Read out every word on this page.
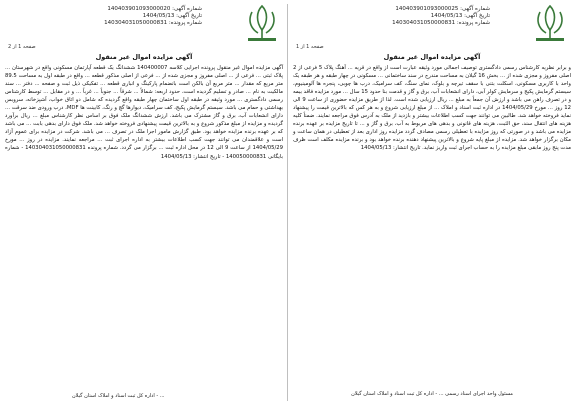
شماره آگهی: 140403901093000025
تاریخ آگهی: 1404/05/13
شماره پرونده: 140304031050000831
صفحه 1 از 1
آگهی مزایده اموال غیر منقول

و برابر نظریه کارشناس رسمی دادگستری توصیف اجمالی مورد وثیقه عبارت است از واقع در قریه ... آهنگ پلاک 5 فرعی از 2 اصلی مفروز و مجزی شده از ... بخش 16 گیلان به مساحت مندرج در سند ساختمانی ... مسکونی در چهار طبقه و هر طبقه یک واحد با کاربری مسکونی، اسکلت بتنی با سقف تیرچه و بلوک، نمای سنگ، کف سرامیک، درب ها چوبی، پنجره ها آلومینیوم، سیستم گرمایش پکیج و سرمایش کولر آبی، دارای انشعابات آب، برق و گاز و قدمت بنا حدود 15 سال ... مورد مزایده فاقد بیمه و در تصرف راهن می باشد و ارزش آن جمعاً به مبلغ ... ریال ارزیابی شده است. لذا از طریق مزایده حضوری از ساعت 9 الی 12 روز ... مورخ 1404/05/29 در اداره ثبت اسناد و املاک ... از مبلغ ارزیابی شروع و به هر کس که بالاترین قیمت را پیشنهاد نماید فروخته خواهد شد. طالبین می توانند جهت کسب اطلاعات بیشتر و بازدید از ملک به آدرس فوق مراجعه نمایند. ضمناً کلیه هزینه های انتقال سند، حق الثبت، هزینه های قانونی و بدهی های مربوط به آب، برق و گاز و ... تا تاریخ مزایده بر عهده برنده مزایده می باشد و در صورتی که روز مزایده با تعطیلی رسمی مصادف گردد مزایده روز اداری بعد از تعطیلی در همان ساعت و مکان برگزار خواهد شد. مزایده از مبلغ پایه شروع و بالاترین پیشنهاد دهنده برنده خواهد بود و برنده مزایده مکلف است ظرف مدت پنج روز مابقی مبلغ مزایده را به حساب اجرای ثبت واریز نماید. تاریخ انتشار: 1404/05/13

مسئول واحد اجرای اسناد رسمی ... - اداره کل ثبت اسناد و املاک استان گیلان
شماره آگهی: 140403901093000020
تاریخ آگهی: 1404/05/13
شماره پرونده: 140304031050000831
صفحه 1 از 2
آگهی مزایده اموال غیر منقول

آگهی مزایده اموال غیر منقول پرونده اجرایی کلاسه 140400007 ششدانگ یک قطعه آپارتمان مسکونی واقع در شهرستان ... پلاک ثبتی ... فرعی از ... اصلی مفروز و مجزی شده از ... فرعی از اصلی مذکور قطعه ... واقع در طبقه اول به مساحت 89.5 متر مربع که مقدار ... متر مربع آن بالکن است بانضمام پارکینگ و انباری قطعه ... تفکیکی ذیل ثبت و صفحه ... دفتر ... سند مالکیت به نام ... صادر و تسلیم گردیده است، حدود اربعه: شمالاً ... شرقاً ... جنوباً ... غرباً ... و در مقابل ... توسط کارشناس رسمی دادگستری ... مورد وثیقه در طبقه اول ساختمان چهار طبقه واقع گردیده که شامل دو اتاق خواب، آشپزخانه، سرویس بهداشتی و حمام می باشد. سیستم گرمایش پکیج، کف سرامیک، دیوارها گچ و رنگ، کابینت ها MDF، درب ورودی ضد سرقت ... دارای انشعابات آب، برق و گاز مشترک می باشد. ارزش ششدانگ ملک فوق بر اساس نظر کارشناس مبلغ ... ریال برآورد گردیده و مزایده از مبلغ مذکور شروع و به بالاترین قیمت پیشنهادی فروخته خواهد شد. ملک فوق دارای بدهی بابت ... می باشد که بر عهده برنده مزایده خواهد بود. طبق گزارش مامور اجرا ملک در تصرف ... می باشد. شرکت در مزایده برای عموم آزاد است و علاقمندان می توانند جهت کسب اطلاعات بیشتر به اداره اجرای ثبت ... مراجعه نمایند. مزایده در روز ... مورخ 1404/05/29 از ساعت 9 الی 12 در محل اداره ثبت ... برگزار می گردد. شماره پرونده 140304031050000831 - شماره بایگانی 140050000831 - تاریخ انتشار: 1404/05/13

... - اداره کل ثبت اسناد و املاک استان گیلان
